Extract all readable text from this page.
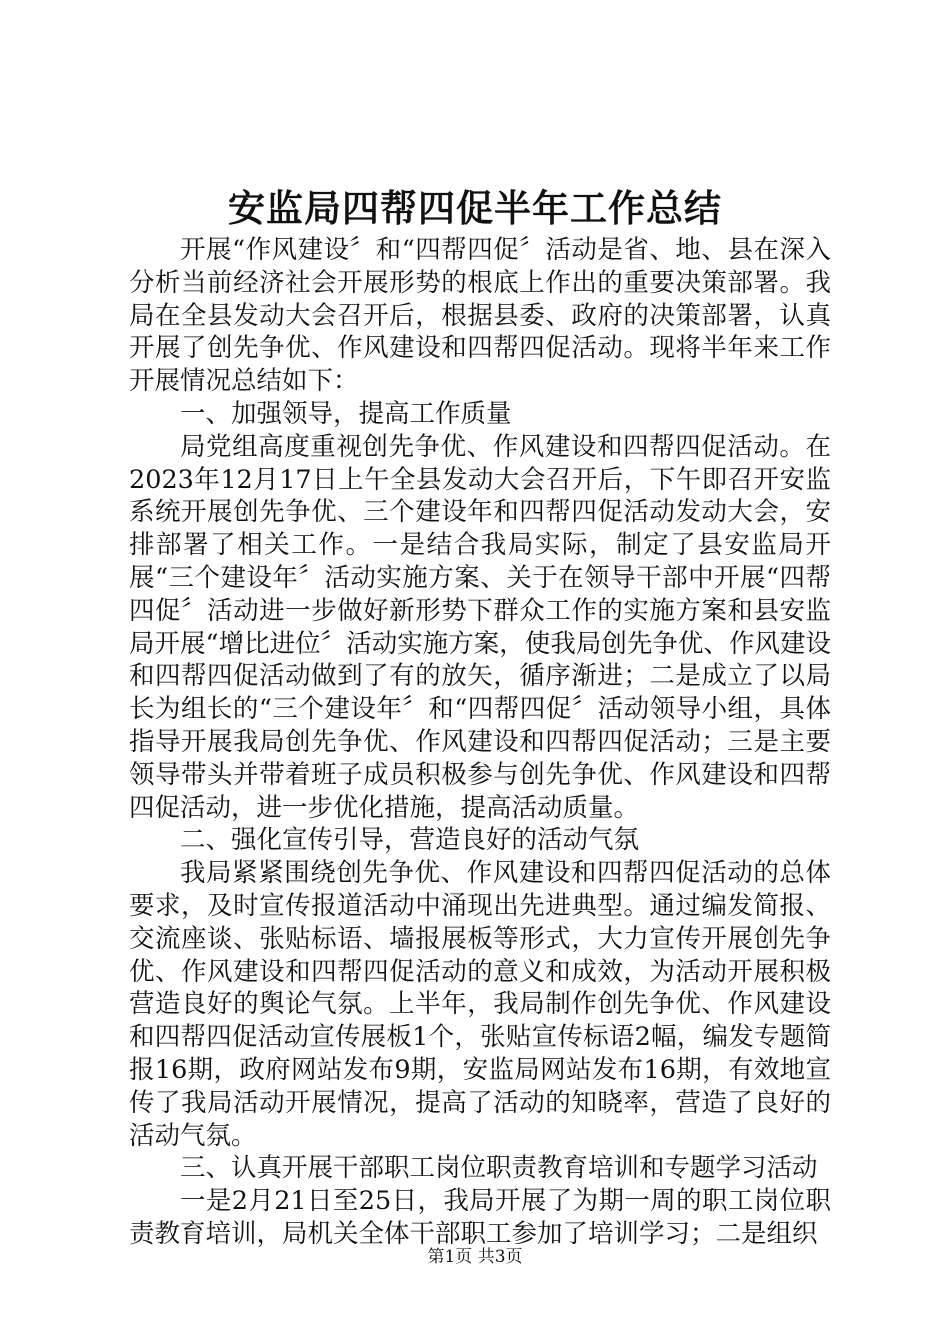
安监局四帮四促半年工作总结

开展“作风建设〞和“四帮四促〞活动是省、地、县在深入分析当前经济社会开展形势的根底上作出的重要决策部署。我局在全县发动大会召开后，根据县委、政府的决策部署，认真开展了创先争优、作风建设和四帮四促活动。现将半年来工作开展情况总结如下：

一、加强领导，提高工作质量

局党组高度重视创先争优、作风建设和四帮四促活动。在2023年12月17日上午全县发动大会召开后，下午即召开安监系统开展创先争优、三个建设年和四帮四促活动发动大会，安排部署了相关工作。一是结合我局实际，制定了县安监局开展“三个建设年〞活动实施方案、关于在领导干部中开展“四帮四促〞活动进一步做好新形势下群众工作的实施方案和县安监局开展“增比进位〞活动实施方案，使我局创先争优、作风建设和四帮四促活动做到了有的放矢，循序渐进；二是成立了以局长为组长的“三个建设年〞和“四帮四促〞活动领导小组，具体指导开展我局创先争优、作风建设和四帮四促活动；三是主要领导带头并带着班子成员积极参与创先争优、作风建设和四帮四促活动，进一步优化措施，提高活动质量。

二、强化宣传引导，营造良好的活动气氛

我局紧紧围绕创先争优、作风建设和四帮四促活动的总体要求，及时宣传报道活动中涌现出先进典型。通过编发简报、交流座谈、张贴标语、墙报展板等形式，大力宣传开展创先争优、作风建设和四帮四促活动的意义和成效，为活动开展积极营造良好的舆论气氛。上半年，我局制作创先争优、作风建设和四帮四促活动宣传展板1个，张贴宣传标语2幅，编发专题简报16期，政府网站发布9期，安监局网站发布16期，有效地宣传了我局活动开展情况，提高了活动的知晓率，营造了良好的活动气氛。

三、认真开展干部职工岗位职责教育培训和专题学习活动

一是2月21日至25日，我局开展了为期一周的职工岗位职责教育培训，局机关全体干部职工参加了培训学习；二是组织

第1页 共3页
